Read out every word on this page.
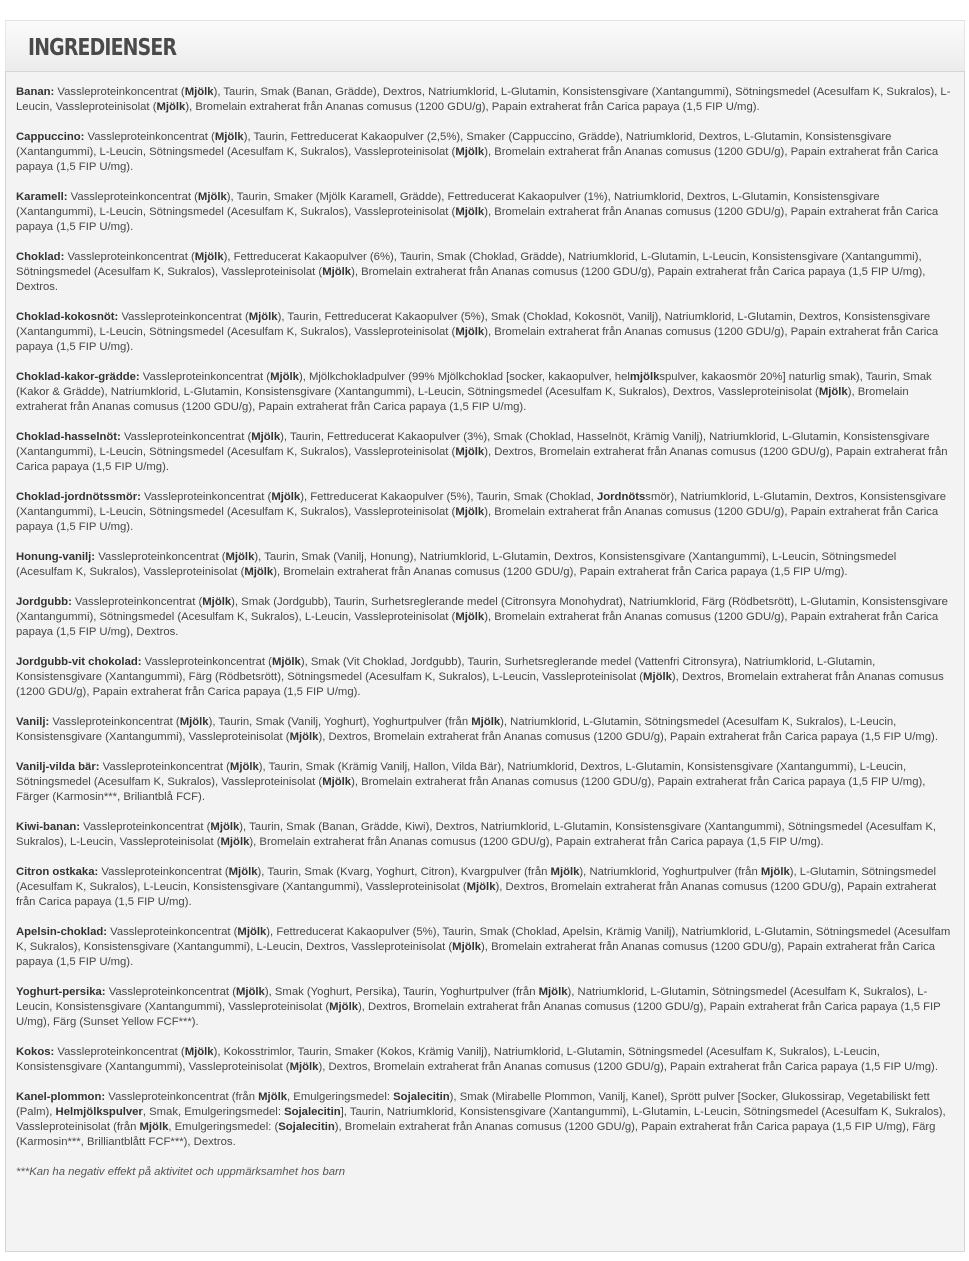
INGREDIENSER

Banan: Vassleproteinkoncentrat (Mjölk), Taurin, Smak (Banan, Grädde), Dextros, Natriumklorid, L-Glutamin, Konsistensgivare (Xantangummi), Sötningsmedel (Acesulfam K, Sukralos), L-Leucin, Vassleproteinisolat (Mjölk), Bromelain extraherat från Ananas comusus (1200 GDU/g), Papain extraherat från Carica papaya (1,5 FIP U/mg).

Cappuccino: Vassleproteinkoncentrat (Mjölk), Taurin, Fettreducerat Kakaopulver (2,5%), Smaker (Cappuccino, Grädde), Natriumklorid, Dextros, L-Glutamin, Konsistensgivare (Xantangummi), L-Leucin, Sötningsmedel (Acesulfam K, Sukralos), Vassleproteinisolat (Mjölk), Bromelain extraherat från Ananas comusus (1200 GDU/g), Papain extraherat från Carica papaya (1,5 FIP U/mg).

Karamell: Vassleproteinkoncentrat (Mjölk), Taurin, Smaker (Mjölk Karamell, Grädde), Fettreducerat Kakaopulver (1%), Natriumklorid, Dextros, L-Glutamin, Konsistensgivare (Xantangummi), L-Leucin, Sötningsmedel (Acesulfam K, Sukralos), Vassleproteinisolat (Mjölk), Bromelain extraherat från Ananas comusus (1200 GDU/g), Papain extraherat från Carica papaya (1,5 FIP U/mg).

Choklad: Vassleproteinkoncentrat (Mjölk), Fettreducerat Kakaopulver (6%), Taurin, Smak (Choklad, Grädde), Natriumklorid, L-Glutamin, L-Leucin, Konsistensgivare (Xantangummi), Sötningsmedel (Acesulfam K, Sukralos), Vassleproteinisolat (Mjölk), Bromelain extraherat från Ananas comusus (1200 GDU/g), Papain extraherat från Carica papaya (1,5 FIP U/mg), Dextros.

Choklad-kokosnöt: Vassleproteinkoncentrat (Mjölk), Taurin, Fettreducerat Kakaopulver (5%), Smak (Choklad, Kokosnöt, Vanilj), Natriumklorid, L-Glutamin, Dextros, Konsistensgivare (Xantangummi), L-Leucin, Sötningsmedel (Acesulfam K, Sukralos), Vassleproteinisolat (Mjölk), Bromelain extraherat från Ananas comusus (1200 GDU/g), Papain extraherat från Carica papaya (1,5 FIP U/mg).

Choklad-kakor-grädde: Vassleproteinkoncentrat (Mjölk), Mjölkchokladpulver (99% Mjölkchoklad [socker, kakaopulver, helmjölkspulver, kakaosmör 20%] naturlig smak), Taurin, Smak (Kakor & Grädde), Natriumklorid, L-Glutamin, Konsistensgivare (Xantangummi), L-Leucin, Sötningsmedel (Acesulfam K, Sukralos), Dextros, Vassleproteinisolat (Mjölk), Bromelain extraherat från Ananas comusus (1200 GDU/g), Papain extraherat från Carica papaya (1,5 FIP U/mg).

Choklad-hasselnöt: Vassleproteinkoncentrat (Mjölk), Taurin, Fettreducerat Kakaopulver (3%), Smak (Choklad, Hasselnöt, Krämig Vanilj), Natriumklorid, L-Glutamin, Konsistensgivare (Xantangummi), L-Leucin, Sötningsmedel (Acesulfam K, Sukralos), Vassleproteinisolat (Mjölk), Dextros, Bromelain extraherat från Ananas comusus (1200 GDU/g), Papain extraherat från Carica papaya (1,5 FIP U/mg).

Choklad-jordnötssmör: Vassleproteinkoncentrat (Mjölk), Fettreducerat Kakaopulver (5%), Taurin, Smak (Choklad, Jordnötssmör), Natriumklorid, L-Glutamin, Dextros, Konsistensgivare (Xantangummi), L-Leucin, Sötningsmedel (Acesulfam K, Sukralos), Vassleproteinisolat (Mjölk), Bromelain extraherat från Ananas comusus (1200 GDU/g), Papain extraherat från Carica papaya (1,5 FIP U/mg).

Honung-vanilj: Vassleproteinkoncentrat (Mjölk), Taurin, Smak (Vanilj, Honung), Natriumklorid, L-Glutamin, Dextros, Konsistensgivare (Xantangummi), L-Leucin, Sötningsmedel (Acesulfam K, Sukralos), Vassleproteinisolat (Mjölk), Bromelain extraherat från Ananas comusus (1200 GDU/g), Papain extraherat från Carica papaya (1,5 FIP U/mg).

Jordgubb: Vassleproteinkoncentrat (Mjölk), Smak (Jordgubb), Taurin, Surhetsreglerande medel (Citronsyra Monohydrat), Natriumklorid, Färg (Rödbetsrött), L-Glutamin, Konsistensgivare (Xantangummi), Sötningsmedel (Acesulfam K, Sukralos), L-Leucin, Vassleproteinisolat (Mjölk), Bromelain extraherat från Ananas comusus (1200 GDU/g), Papain extraherat från Carica papaya (1,5 FIP U/mg), Dextros.

Jordgubb-vit chokolad: Vassleproteinkoncentrat (Mjölk), Smak (Vit Choklad, Jordgubb), Taurin, Surhetsreglerande medel (Vattenfri Citronsyra), Natriumklorid, L-Glutamin, Konsistensgivare (Xantangummi), Färg (Rödbetsrött), Sötningsmedel (Acesulfam K, Sukralos), L-Leucin, Vassleproteinisolat (Mjölk), Dextros, Bromelain extraherat från Ananas comusus (1200 GDU/g), Papain extraherat från Carica papaya (1,5 FIP U/mg).

Vanilj: Vassleproteinkoncentrat (Mjölk), Taurin, Smak (Vanilj, Yoghurt), Yoghurtpulver (från Mjölk), Natriumklorid, L-Glutamin, Sötningsmedel (Acesulfam K, Sukralos), L-Leucin, Konsistensgivare (Xantangummi), Vassleproteinisolat (Mjölk), Dextros, Bromelain extraherat från Ananas comusus (1200 GDU/g), Papain extraherat från Carica papaya (1,5 FIP U/mg).

Vanilj-vilda bär: Vassleproteinkoncentrat (Mjölk), Taurin, Smak (Krämig Vanilj, Hallon, Vilda Bär), Natriumklorid, Dextros, L-Glutamin, Konsistensgivare (Xantangummi), L-Leucin, Sötningsmedel (Acesulfam K, Sukralos), Vassleproteinisolat (Mjölk), Bromelain extraherat från Ananas comusus (1200 GDU/g), Papain extraherat från Carica papaya (1,5 FIP U/mg), Färger (Karmosin***, Briliantblå FCF).

Kiwi-banan: Vassleproteinkoncentrat (Mjölk), Taurin, Smak (Banan, Grädde, Kiwi), Dextros, Natriumklorid, L-Glutamin, Konsistensgivare (Xantangummi), Sötningsmedel (Acesulfam K, Sukralos), L-Leucin, Vassleproteinisolat (Mjölk), Bromelain extraherat från Ananas comusus (1200 GDU/g), Papain extraherat från Carica papaya (1,5 FIP U/mg).

Citron ostkaka: Vassleproteinkoncentrat (Mjölk), Taurin, Smak (Kvarg, Yoghurt, Citron), Kvargpulver (från Mjölk), Natriumklorid, Yoghurtpulver (från Mjölk), L-Glutamin, Sötningsmedel (Acesulfam K, Sukralos), L-Leucin, Konsistensgivare (Xantangummi), Vassleproteinisolat (Mjölk), Dextros, Bromelain extraherat från Ananas comusus (1200 GDU/g), Papain extraherat från Carica papaya (1,5 FIP U/mg).

Apelsin-choklad: Vassleproteinkoncentrat (Mjölk), Fettreducerat Kakaopulver (5%), Taurin, Smak (Choklad, Apelsin, Krämig Vanilj), Natriumklorid, L-Glutamin, Sötningsmedel (Acesulfam K, Sukralos), Konsistensgivare (Xantangummi), L-Leucin, Dextros, Vassleproteinisolat (Mjölk), Bromelain extraherat från Ananas comusus (1200 GDU/g), Papain extraherat från Carica papaya (1,5 FIP U/mg).

Yoghurt-persika: Vassleproteinkoncentrat (Mjölk), Smak (Yoghurt, Persika), Taurin, Yoghurtpulver (från Mjölk), Natriumklorid, L-Glutamin, Sötningsmedel (Acesulfam K, Sukralos), L-Leucin, Konsistensgivare (Xantangummi), Vassleproteinisolat (Mjölk), Dextros, Bromelain extraherat från Ananas comusus (1200 GDU/g), Papain extraherat från Carica papaya (1,5 FIP U/mg), Färg (Sunset Yellow FCF***).

Kokos: Vassleproteinkoncentrat (Mjölk), Kokosstrimlor, Taurin, Smaker (Kokos, Krämig Vanilj), Natriumklorid, L-Glutamin, Sötningsmedel (Acesulfam K, Sukralos), L-Leucin, Konsistensgivare (Xantangummi), Vassleproteinisolat (Mjölk), Dextros, Bromelain extraherat från Ananas comusus (1200 GDU/g), Papain extraherat från Carica papaya (1,5 FIP U/mg).

Kanel-plommon: Vassleproteinkoncentrat (från Mjölk, Emulgeringsmedel: Sojalecitin), Smak (Mirabelle Plommon, Vanilj, Kanel), Sprött pulver [Socker, Glukossirap, Vegetabiliskt fett (Palm), Helmjölkspulver, Smak, Emulgeringsmedel: Sojalecitin], Taurin, Natriumklorid, Konsistensgivare (Xantangummi), L-Glutamin, L-Leucin, Sötningsmedel (Acesulfam K, Sukralos), Vassleproteinisolat (från Mjölk, Emulgeringsmedel: (Sojalecitin), Bromelain extraherat från Ananas comusus (1200 GDU/g), Papain extraherat från Carica papaya (1,5 FIP U/mg), Färg (Karmosin***, Brilliantblått FCF***), Dextros.

***Kan ha negativ effekt på aktivitet och uppmärksamhet hos barn
